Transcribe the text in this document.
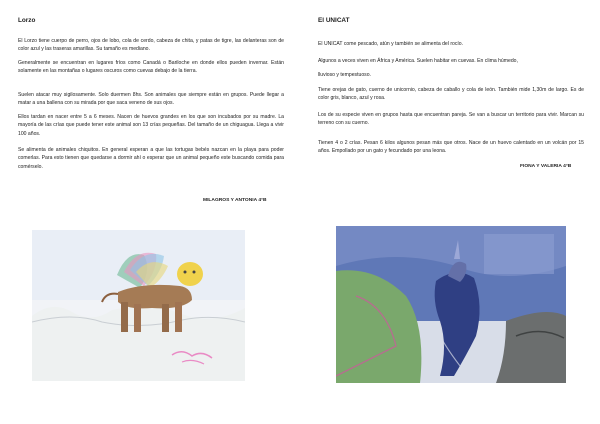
Lorzo
El Lorzo tiene cuerpo de perro, ojos de lobo, cola de cerdo, cabeza de chita, y patas de tigre, las delanteras son de color azul y las traseras amarillas. Su tamaño es mediano.
Generalmente se encuentran en lugares fríos como Canadá o Bariloche en donde ellos pueden invernar. Están solamente en las montañas o lugares oscuros como cuevas debajo de la tierra.
Suelen atacar muy sigilosamente. Solo duermen 8hs. Son animales que siempre están en grupos. Puede llegar a matar a una ballena con su mirada por que saca veneno de sus ojos.
Ellos tardan en nacer entre 5 a 6 meses. Nacen de huevos grandes en los que son incubados por su madre. La mayoría de las crías que puede tener este animal son 13 crías pequeñas. Del tamaño de un chiguagua. Llega a vivir 100 años.
Se alimenta de animales chiquitos. En general esperan a que las tortugas bebés nazcan en la playa para poder comerlas. Para esto tienen que quedarse a dormir ahí o esperar que un animal pequeño este buscando comida para comérselo.
MILAGROS Y ANTONIA 4°B
El UNICAT
El UNICAT come pescado, atún y también se alimenta del rocío.
Algunos a veces viven en África y América. Suelen habitar en cuevas. En clima húmedo,
lluvioso y tempestuoso.
Tiene orejas de gato, cuerno de unicornio, cabeza de caballo y cola de león. También mide 1,30m de largo. Es de color gris, blanco, azul y rosa.
Los de su especie viven en grupos hasta que encuentran pareja. Se van a buscar un territorio para vivir. Marcan su terreno con su cuerno.
Tienen 4 o 2 crías. Pesan 6 kilos algunos pesan más que otros. Nace de un huevo calentado en un volcán por 15 años. Empollado por un gato y fecundado por una leona.
FIONA Y VALERIA 4°B
